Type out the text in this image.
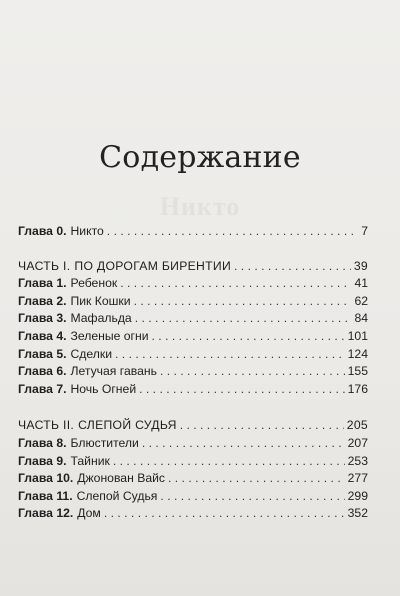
Содержание
Глава 0. Никто . . .	7
ЧАСТЬ I. ПО ДОРОГАМ БИРЕНТИИ . . .	39
Глава 1. Ребенок . . .	41
Глава 2. Пик Кошки . . .	62
Глава 3. Мафальда . . .	84
Глава 4. Зеленые огни . . .	101
Глава 5. Сделки . . .	124
Глава 6. Летучая гавань . . .	155
Глава 7. Ночь Огней . . .	176
ЧАСТЬ II. СЛЕПОЙ СУДЬЯ . . .	205
Глава 8. Блюстители . . .	207
Глава 9. Тайник . . .	253
Глава 10. Джонован Вайс . . .	277
Глава 11. Слепой Судья . . .	299
Глава 12. Дом . . .	352
